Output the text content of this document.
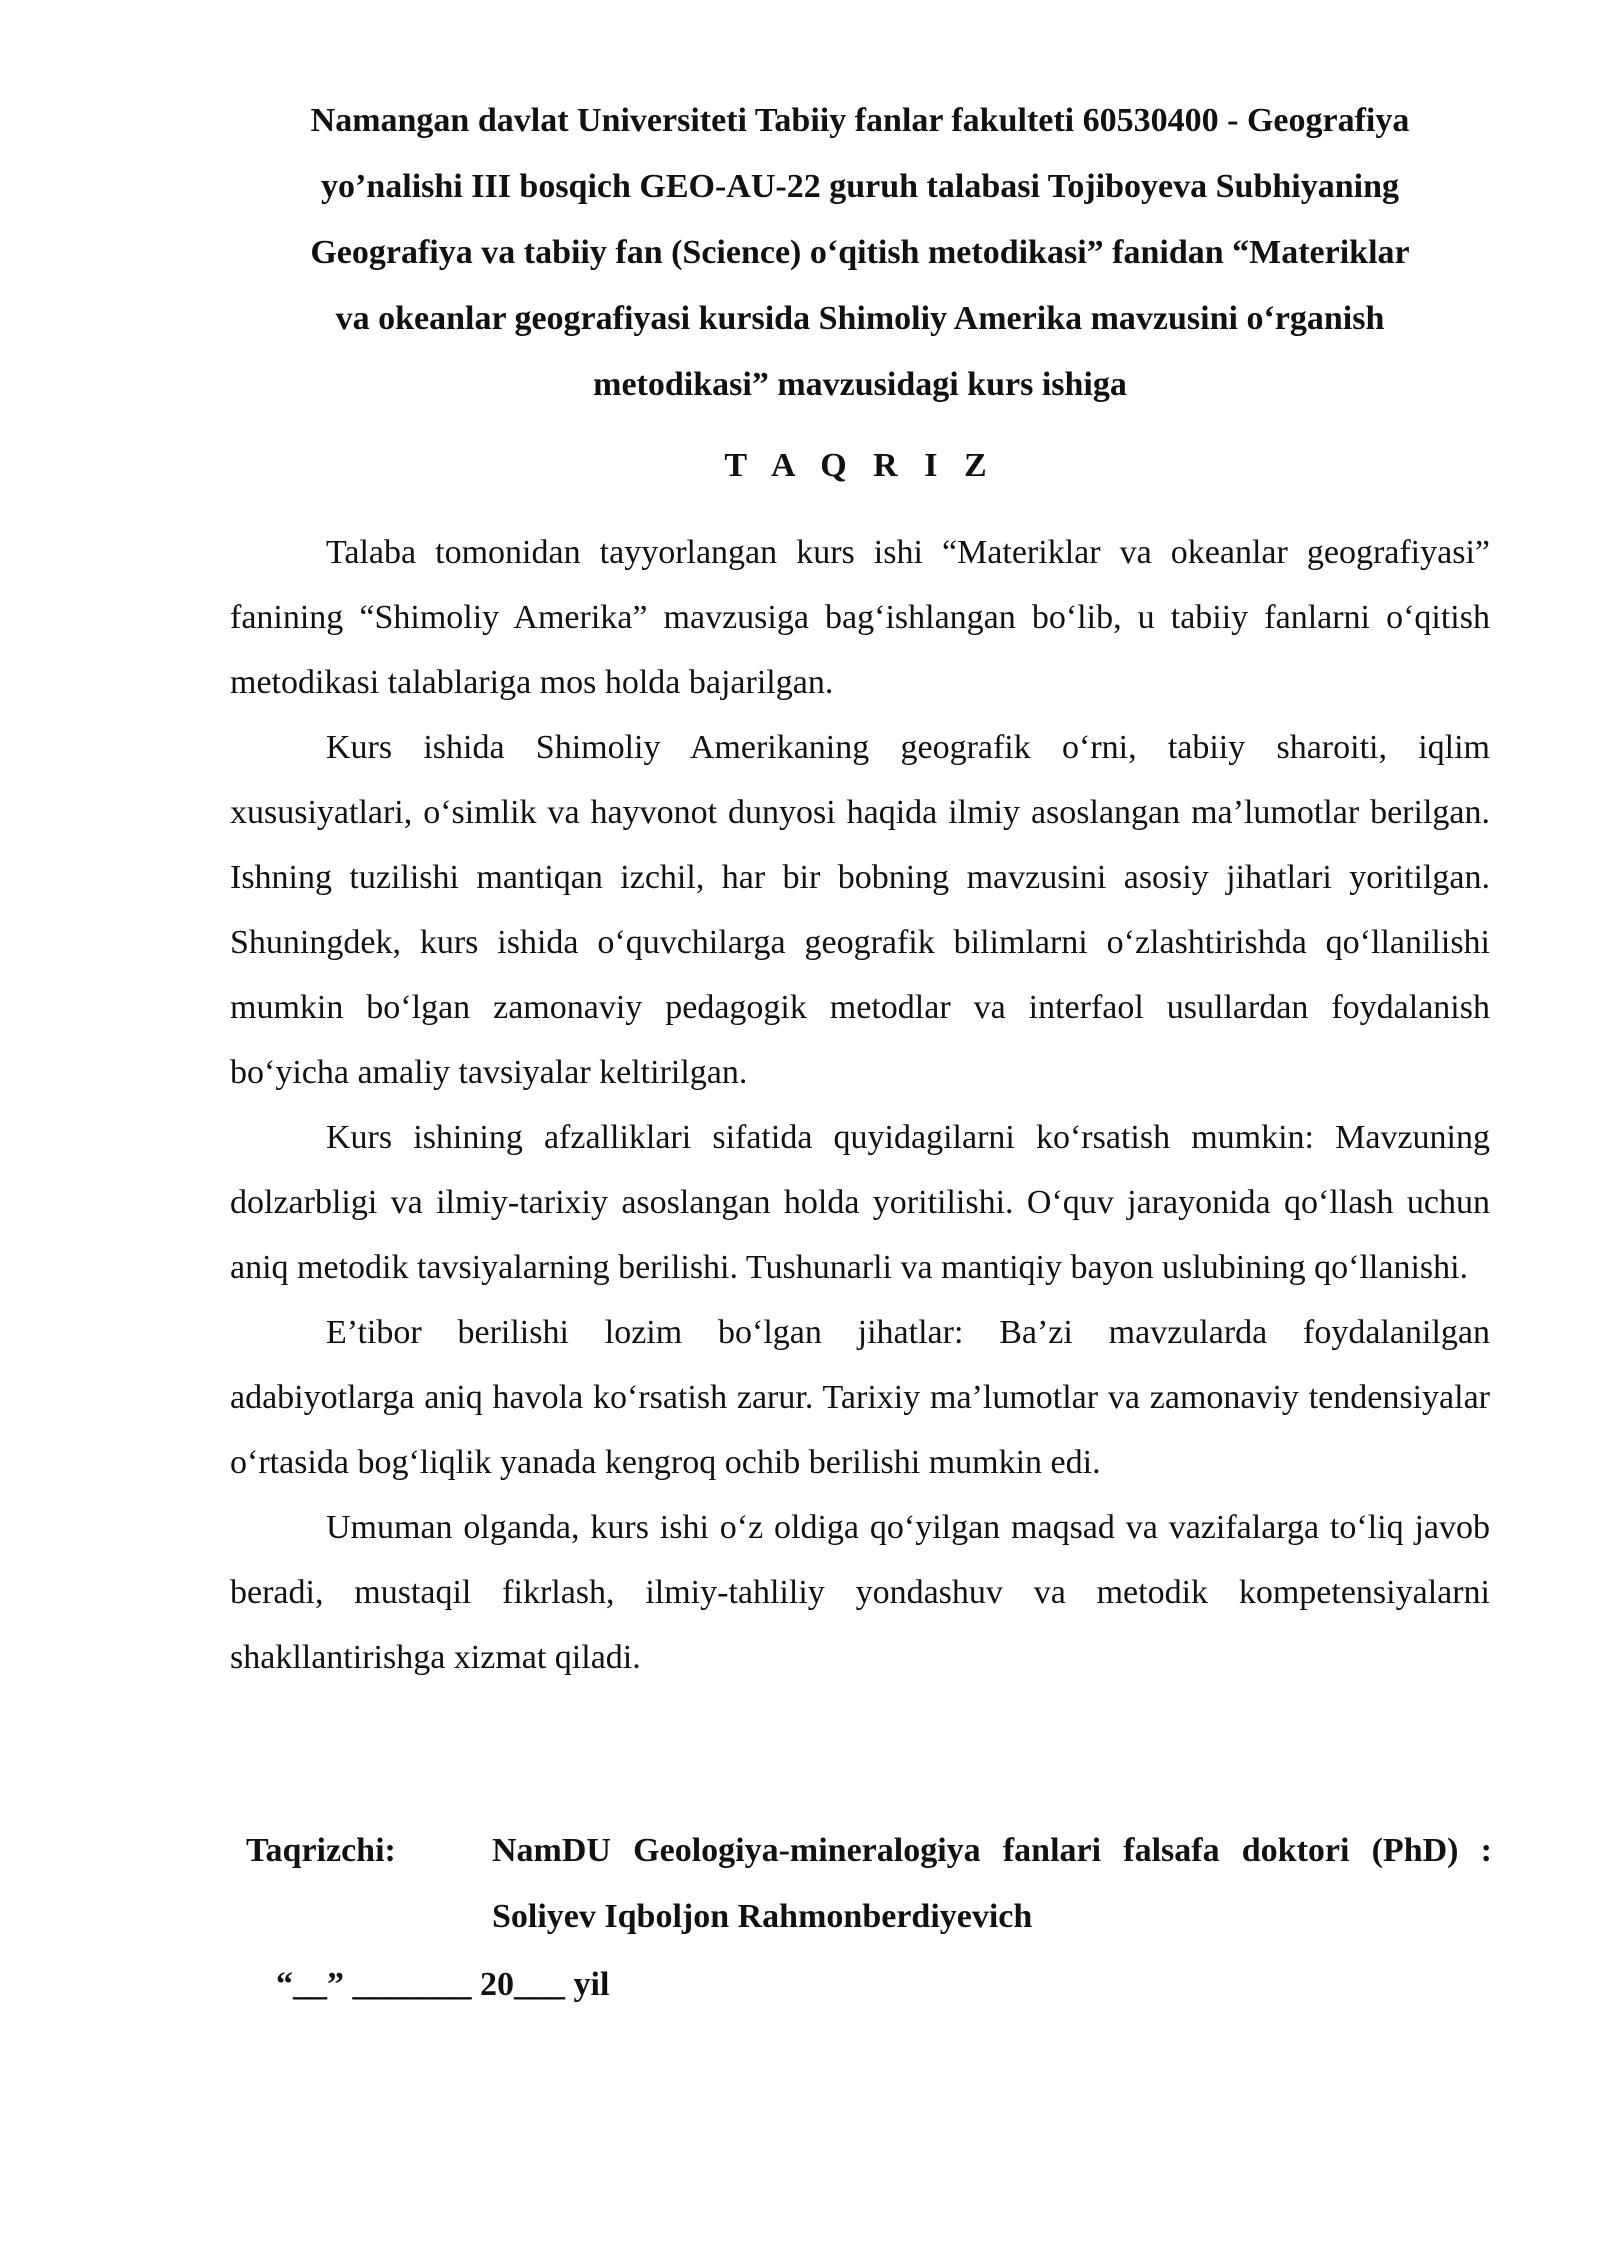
Namangan davlat Universiteti Tabiiy fanlar fakulteti 60530400 - Geografiya
yo’nalishi III bosqich GEO-AU-22 guruh talabasi Tojiboyeva Subhiyaning
Geografiya va tabiiy fan (Science) o‘qitish metodikasi” fanidan “Materiklar
va okeanlar geografiyasi kursida Shimoliy Amerika mavzusini o‘rganish
metodikasi” mavzusidagi kurs ishiga
T A Q R I Z

Talaba tomonidan tayyorlangan kurs ishi “Materiklar va okeanlar geografiyasi” fanining “Shimoliy Amerika” mavzusiga bag‘ishlangan bo‘lib, u tabiiy fanlarni o‘qitish metodikasi talablariga mos holda bajarilgan.

Kurs ishida Shimoliy Amerikaning geografik o‘rni, tabiiy sharoiti, iqlim xususiyatlari, o‘simlik va hayvonot dunyosi haqida ilmiy asoslangan ma’lumotlar berilgan. Ishning tuzilishi mantiqan izchil, har bir bobning mavzusini asosiy jihatlari yoritilgan. Shuningdek, kurs ishida o‘quvchilarga geografik bilimlarni o‘zlashtirishda qo‘llanilishi mumkin bo‘lgan zamonaviy pedagogik metodlar va interfaol usullardan foydalanish bo‘yicha amaliy tavsiyalar keltirilgan.

Kurs ishining afzalliklari sifatida quyidagilarni ko‘rsatish mumkin: Mavzuning dolzarbligi va ilmiy-tarixiy asoslangan holda yoritilishi. O‘quv jarayonida qo‘llash uchun aniq metodik tavsiyalarning berilishi. Tushunarli va mantiqiy bayon uslubining qo‘llanishi.

E’tibor berilishi lozim bo‘lgan jihatlar: Ba’zi mavzularda foydalanilgan adabiyotlarga aniq havola ko‘rsatish zarur. Tarixiy ma’lumotlar va zamonaviy tendensiyalar o‘rtasida bog‘liqlik yanada kengroq ochib berilishi mumkin edi.

Umuman olganda, kurs ishi o‘z oldiga qo‘yilgan maqsad va vazifalarga to‘liq javob beradi, mustaqil fikrlash, ilmiy-tahliliy yondashuv va metodik kompetensiyalarni shakllantirishga xizmat qiladi.

Taqrizchi:	NamDU Geologiya-mineralogiya fanlari falsafa doktori (PhD) : Soliyev Iqboljon Rahmonberdiyevich
“__” _______ 20___ yil
